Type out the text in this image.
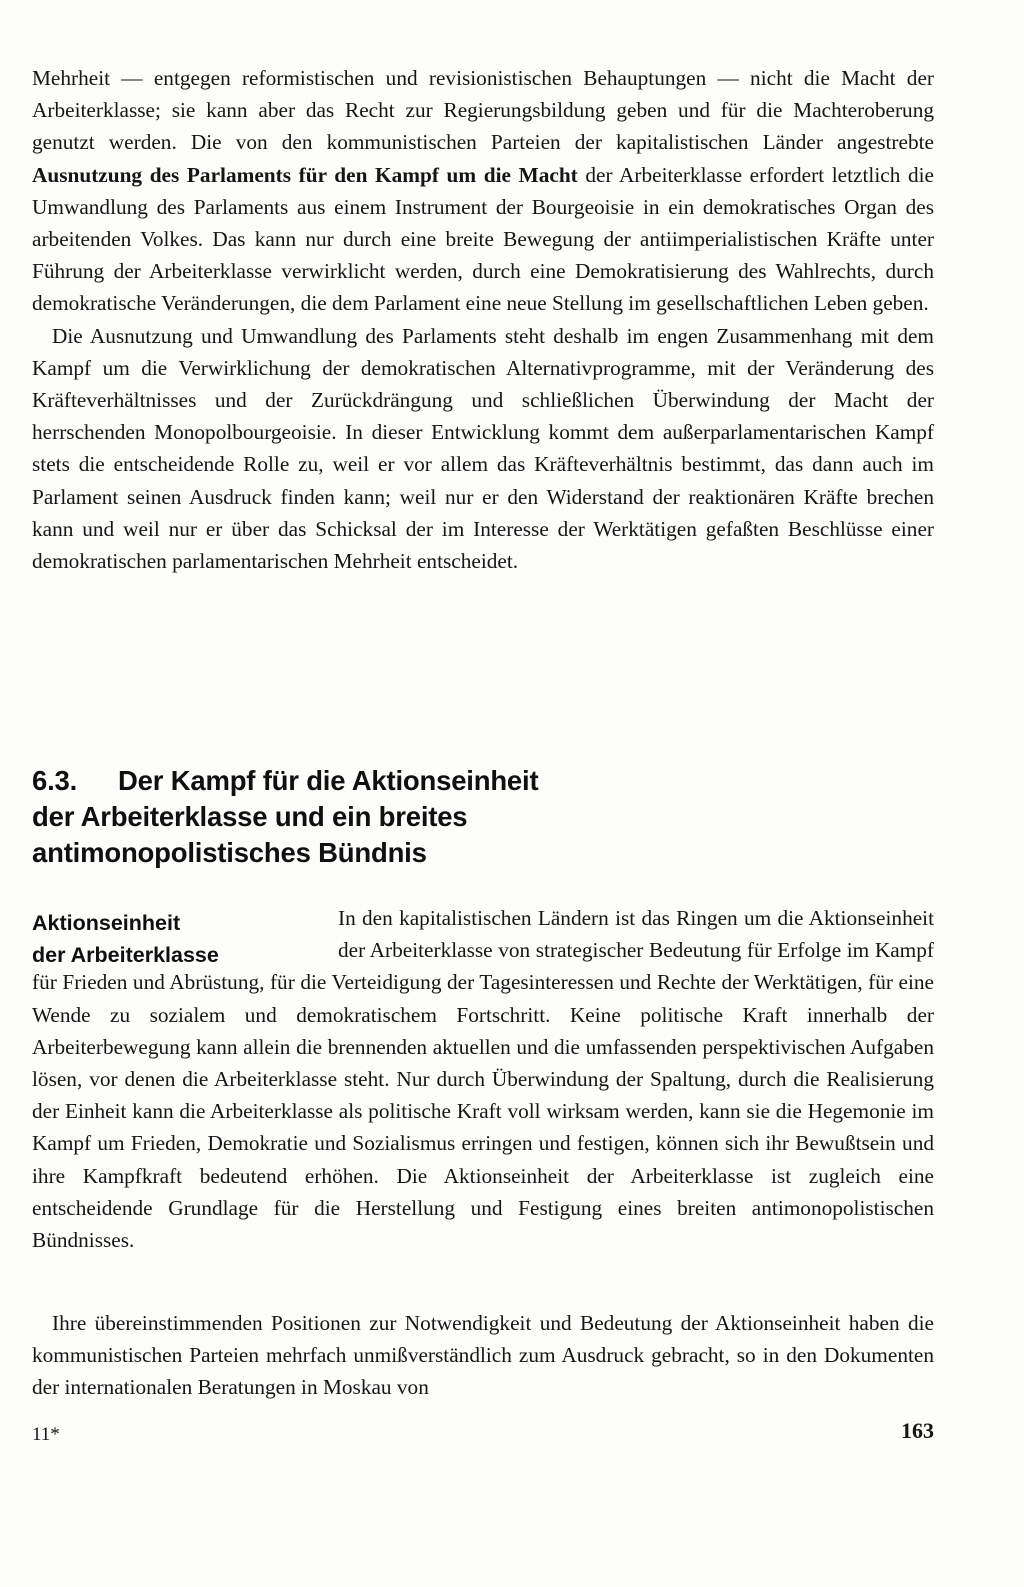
Mehrheit — entgegen reformistischen und revisionistischen Behauptungen — nicht die Macht der Arbeiterklasse; sie kann aber das Recht zur Regierungsbildung geben und für die Machteroberung genutzt werden. Die von den kommunistischen Parteien der kapitalistischen Länder angestrebte Ausnutzung des Parlaments für den Kampf um die Macht der Arbeiterklasse erfordert letztlich die Umwandlung des Parlaments aus einem Instrument der Bourgeoisie in ein demokratisches Organ des arbeitenden Volkes. Das kann nur durch eine breite Bewegung der antiimperialistischen Kräfte unter Führung der Arbeiterklasse verwirklicht werden, durch eine Demokratisierung des Wahlrechts, durch demokratische Veränderungen, die dem Parlament eine neue Stellung im gesellschaftlichen Leben geben.

Die Ausnutzung und Umwandlung des Parlaments steht deshalb im engen Zusammenhang mit dem Kampf um die Verwirklichung der demokratischen Alternativprogramme, mit der Veränderung des Kräfteverhältnisses und der Zurückdrängung und schließlichen Überwindung der Macht der herrschenden Monopolbourgeoisie. In dieser Entwicklung kommt dem außerparlamentarischen Kampf stets die entscheidende Rolle zu, weil er vor allem das Kräfteverhältnis bestimmt, das dann auch im Parlament seinen Ausdruck finden kann; weil nur er den Widerstand der reaktionären Kräfte brechen kann und weil nur er über das Schicksal der im Interesse der Werktätigen gefaßten Beschlüsse einer demokratischen parlamentarischen Mehrheit entscheidet.

6.3. Der Kampf für die Aktionseinheit
der Arbeiterklasse und ein breites
antimonopolistisches Bündnis
Aktionseinheit
der Arbeiterklasse

In den kapitalistischen Ländern ist das Ringen um die Aktionseinheit der Arbeiterklasse von strategischer Bedeutung für Erfolge im Kampf für Frieden und Abrüstung, für die Verteidigung der Tagesinteressen und Rechte der Werktätigen, für eine Wende zu sozialem und demokratischem Fortschritt. Keine politische Kraft innerhalb der Arbeiterbewegung kann allein die brennenden aktuellen und die umfassenden perspektivischen Aufgaben lösen, vor denen die Arbeiterklasse steht. Nur durch Überwindung der Spaltung, durch die Realisierung der Einheit kann die Arbeiterklasse als politische Kraft voll wirksam werden, kann sie die Hegemonie im Kampf um Frieden, Demokratie und Sozialismus erringen und festigen, können sich ihr Bewußtsein und ihre Kampfkraft bedeutend erhöhen. Die Aktionseinheit der Arbeiterklasse ist zugleich eine entscheidende Grundlage für die Herstellung und Festigung eines breiten antimonopolistischen Bündnisses.

Ihre übereinstimmenden Positionen zur Notwendigkeit und Bedeutung der Aktionseinheit haben die kommunistischen Parteien mehrfach unmißverständlich zum Ausdruck gebracht, so in den Dokumenten der internationalen Beratungen in Moskau von

11*	163
